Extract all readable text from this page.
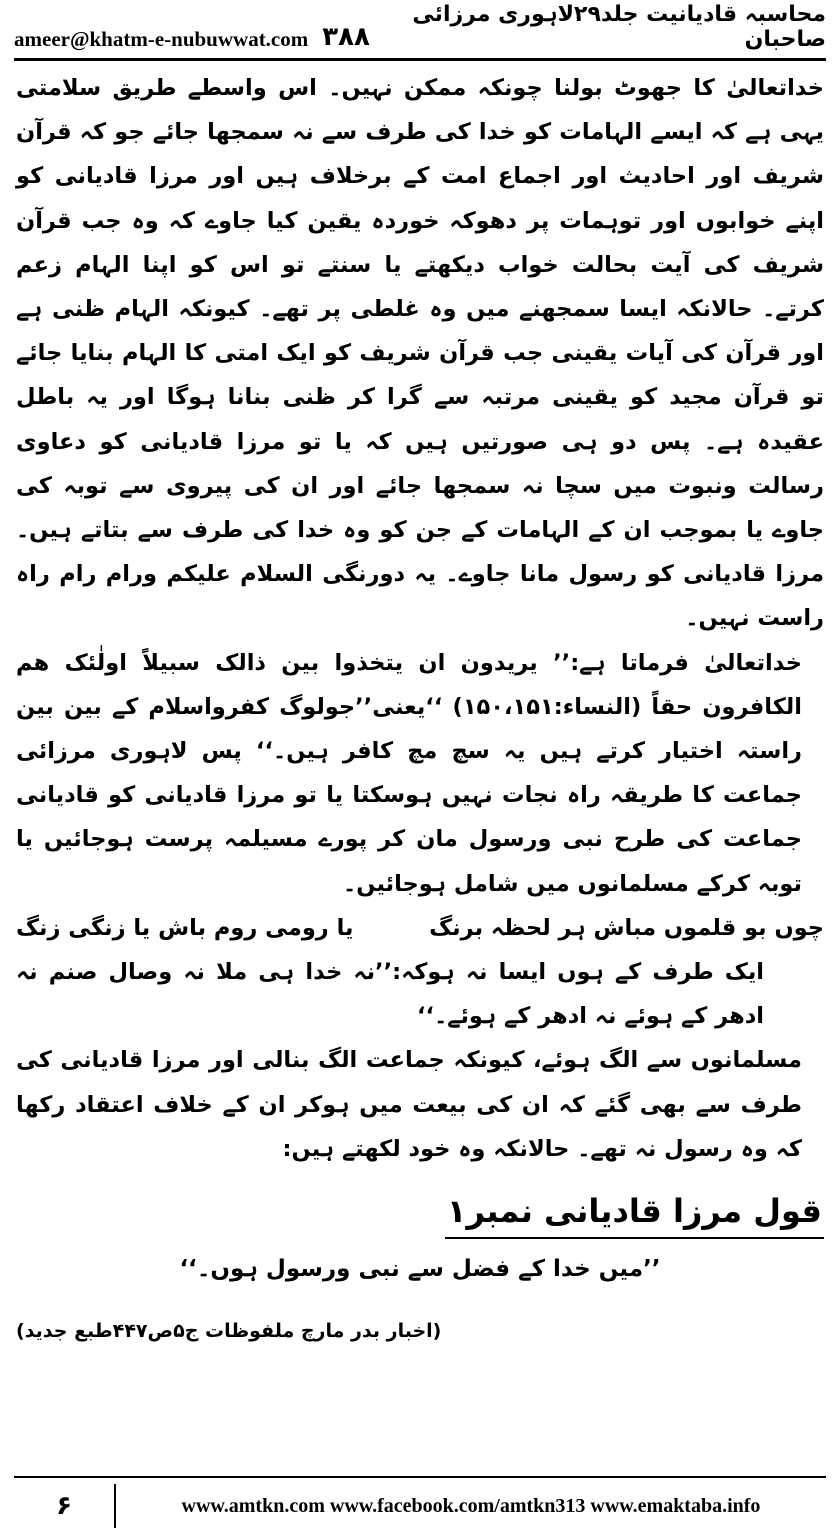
ameer@khatm-e-nubuwwat.com ۳۸۸
محاسبہ قادیانیت جلد۲۹لاہوری مرزائی صاحبان

خداتعالیٰ کا جھوٹ بولنا چونکہ ممکن نہیں۔ اس واسطے طریق سلامتی یہی ہے کہ ایسے الہامات کو خدا کی طرف سے نہ سمجھا جائے جو کہ قرآن شریف اور احادیث اور اجماع امت کے برخلاف ہیں اور مرزا قادیانی کو اپنے خوابوں اور توہمات پر دھوکہ خوردہ یقین کیا جاوے کہ وہ جب قرآن شریف کی آیت بحالت خواب دیکھتے یا سنتے تو اس کو اپنا الہام زعم کرتے۔ حالانکہ ایسا سمجھنے میں وہ غلطی پر تھے۔ کیونکہ الہام ظنی ہے اور قرآن کی آیات یقینی جب قرآن شریف کو ایک امتی کا الہام بنایا جائے تو قرآن مجید کو یقینی مرتبہ سے گرا کر ظنی بنانا ہوگا اور یہ باطل عقیدہ ہے۔ پس دو ہی صورتیں ہیں کہ یا تو مرزا قادیانی کو دعاوی رسالت ونبوت میں سچا نہ سمجھا جائے اور ان کی پیروی سے توبہ کی جاوے یا بموجب ان کے الہامات کے جن کو وہ خدا کی طرف سے بتاتے ہیں۔ مرزا قادیانی کو رسول مانا جاوے۔ یہ دورنگی السلام علیکم ورام رام راہ راست نہیں۔

خداتعالیٰ فرماتا ہے:’’ یریدون ان یتخذوا بین ذالک سبیلاً اولٰئک ھم الکافرون حقاً (النساء:۱۵۰،۱۵۱) ‘‘یعنی’’جولوگ کفرواسلام کے بین بین راستہ اختیار کرتے ہیں یہ سچ مچ کافر ہیں۔‘‘ پس لاہوری مرزائی جماعت کا طریقہ راہ نجات نہیں ہوسکتا یا تو مرزا قادیانی کو قادیانی جماعت کی طرح نبی ورسول مان کر پورے مسیلمہ پرست ہوجائیں یا توبہ کرکے مسلمانوں میں شامل ہوجائیں۔

چوں بو قلموں مباش ہر لحظہ برنگ
یا رومی روم باش یا زنگی زنگ
ایک طرف کے ہوں ایسا نہ ہوکہ:’’نہ خدا ہی ملا نہ وصال صنم نہ ادھر کے ہوئے نہ ادھر کے ہوئے۔‘‘

مسلمانوں سے الگ ہوئے، کیونکہ جماعت الگ بنالی اور مرزا قادیانی کی طرف سے بھی گئے کہ ان کی بیعت میں ہوکر ان کے خلاف اعتقاد رکھا کہ وہ رسول نہ تھے۔ حالانکہ وہ خود لکھتے ہیں:

قول مرزا قادیانی نمبر۱
’’میں خدا کے فضل سے نبی ورسول ہوں۔‘‘
(اخبار بدر مارچ ملفوظات ج۵ص۴۴۷طبع جدید)
۶	www.amtkn.com www.facebook.com/amtkn313 www.emaktaba.info
